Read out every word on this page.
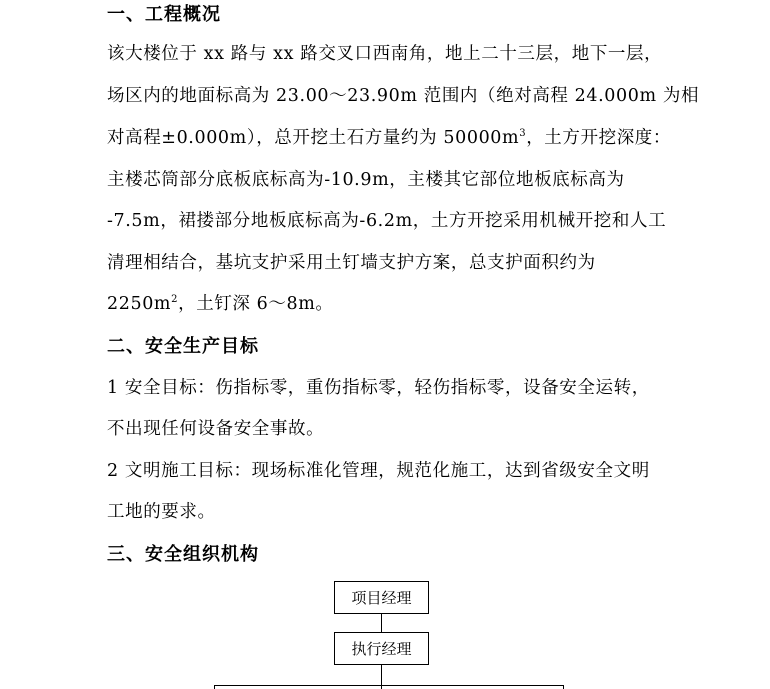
一、工程概况
该大楼位于 xx 路与 xx 路交叉口西南角，地上二十三层，地下一层，
场区内的地面标高为 23.00～23.90m 范围内（绝对高程 24.000m 为相
对高程±0.000m），总开挖土石方量约为 $50000m^3$，土方开挖深度：
主楼芯筒部分底板底标高为-10.9m，主楼其它部位地板底标高为
-7.5m，裙搂部分地板底标高为-6.2m，土方开挖采用机械开挖和人工
清理相结合，基坑支护采用土钉墙支护方案，总支护面积约为
$2250m^2$，土钉深 6～8m。
二、安全生产目标
1 安全目标：伤指标零，重伤指标零，轻伤指标零，设备安全运转，
不出现任何设备安全事故。
2 文明施工目标：现场标准化管理，规范化施工，达到省级安全文明
工地的要求。
三、安全组织机构
项目经理
执行经理
